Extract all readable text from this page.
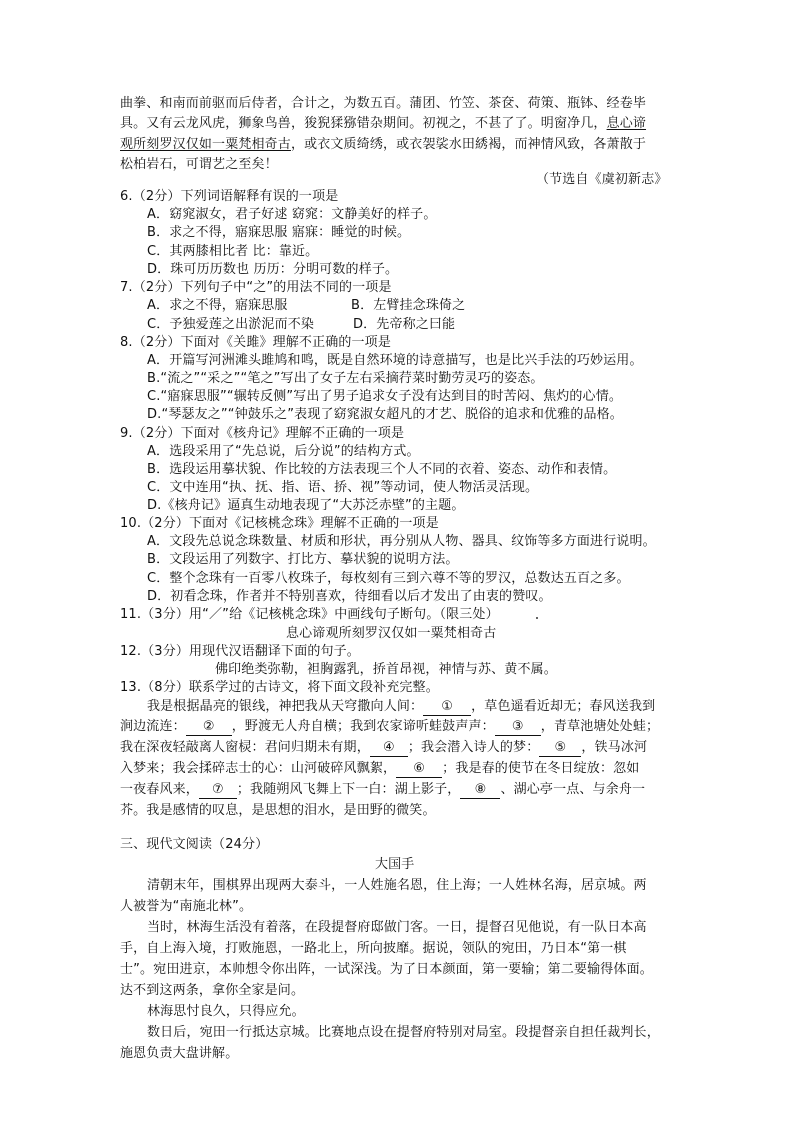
曲拳、和南而前驱而后侍者，合计之，为数五百。蒲团、竹笠、茶奁、荷策、瓶钵、经卷毕

具。又有云龙风虎，狮象鸟兽，狻猊猱猕错杂期间。初视之，不甚了了。明窗净几，息心谛

观所刻罗汉仅如一粟梵相奇古，或衣文质绮绣，或衣袈裟水田綉褐，而神情风致，各萧散于

松柏岩石，可谓艺之至矣！

（节选自《虞初新志》

6.（2分）下列词语解释有误的一项是

A．窈窕淑女，君子好逑 窈窕：文静美好的样子。

B．求之不得，寤寐思服 寤寐：睡觉的时候。

C．其两膝相比者 比：靠近。

D．珠可历历数也 历历：分明可数的样子。

7.（2分）下列句子中“之”的用法不同的一项是

A．求之不得，寤寐思服	B．左臂挂念珠倚之

C．予独爱莲之出淤泥而不染	D．先帝称之曰能

8.（2分）下面对《关雎》理解不正确的一项是

A．开篇写河洲滩头雎鸠和鸣，既是自然环境的诗意描写，也是比兴手法的巧妙运用。

B.“流之”“采之”“笔之”写出了女子左右采摘荇菜时勤劳灵巧的姿态。

C.“寤寐思服”“辗转反侧”写出了男子追求女子没有达到目的时苦闷、焦灼的心情。

D.“琴瑟友之”“钟鼓乐之”表现了窈窕淑女超凡的才艺、脱俗的追求和优雅的品格。

9.（2分）下面对《核舟记》理解不正确的一项是

A．选段采用了“先总说，后分说”的结构方式。

B．选段运用摹状貌、作比较的方法表现三个人不同的衣着、姿态、动作和表情。

C．文中连用“执、抚、指、语、挢、视”等动词，使人物活灵活现。

D.《核舟记》逼真生动地表现了“大苏泛赤壁”的主题。

10.（2分）下面对《记核桃念珠》理解不正确的一项是

A．文段先总说念珠数量、材质和形状，再分别从人物、器具、纹饰等多方面进行说明。

B．文段运用了列数字、打比方、摹状貌的说明方法。

C．整个念珠有一百零八枚珠子，每枚刻有三到六尊不等的罗汉，总数达五百之多。

D．初看念珠，作者并不特别喜欢，待细看以后才发出了由衷的赞叹。

11.（3分）用“／”给《记核桃念珠》中画线句子断句。（限三处）

息心谛观所刻罗汉仅如一粟梵相奇古

12.（3分）用现代汉语翻译下面的句子。

佛印绝类弥勒，袒胸露乳，挢首昂视，神情与苏、黄不属。

13.（8分）联系学过的古诗文，将下面文段补充完整。

我是根据晶亮的银线，神把我从天穹撒向人间： ① ，草色遥看近却无；春风送我到

涧边流连： ② ，野渡无人舟自横；我到农家谛听蛙鼓声声： ③ ，青草池塘处处蛙；

我在深夜轻敲离人窗棂：君问归期未有期， ④ ；我会潜入诗人的梦： ⑤ ，铁马冰河

入梦来；我会揉碎志士的心：山河破碎风飘絮， ⑥ ；我是春的使节在冬日绽放：忽如

一夜春风来， ⑦ ；我随朔风飞舞上下一白：湖上影子， ⑧ 、湖心亭一点、与余舟一

芥。我是感情的叹息，是思想的泪水，是田野的微笑。

三、现代文阅读（24分）

大国手

清朝末年，围棋界出现两大泰斗，一人姓施名恩，住上海；一人姓林名海，居京城。两

人被誉为“南施北林”。

当时，林海生活没有着落，在段提督府邸做门客。一日，提督召见他说，有一队日本高

手，自上海入境，打败施恩，一路北上，所向披靡。据说，领队的宛田，乃日本“第一棋

士”。宛田进京，本帅想令你出阵，一试深浅。为了日本颜面，第一要输；第二要输得体面。

达不到这两条，拿你全家是问。

林海思忖良久，只得应允。

数日后，宛田一行抵达京城。比赛地点设在提督府特别对局室。段提督亲自担任裁判长，

施恩负责大盘讲解。
